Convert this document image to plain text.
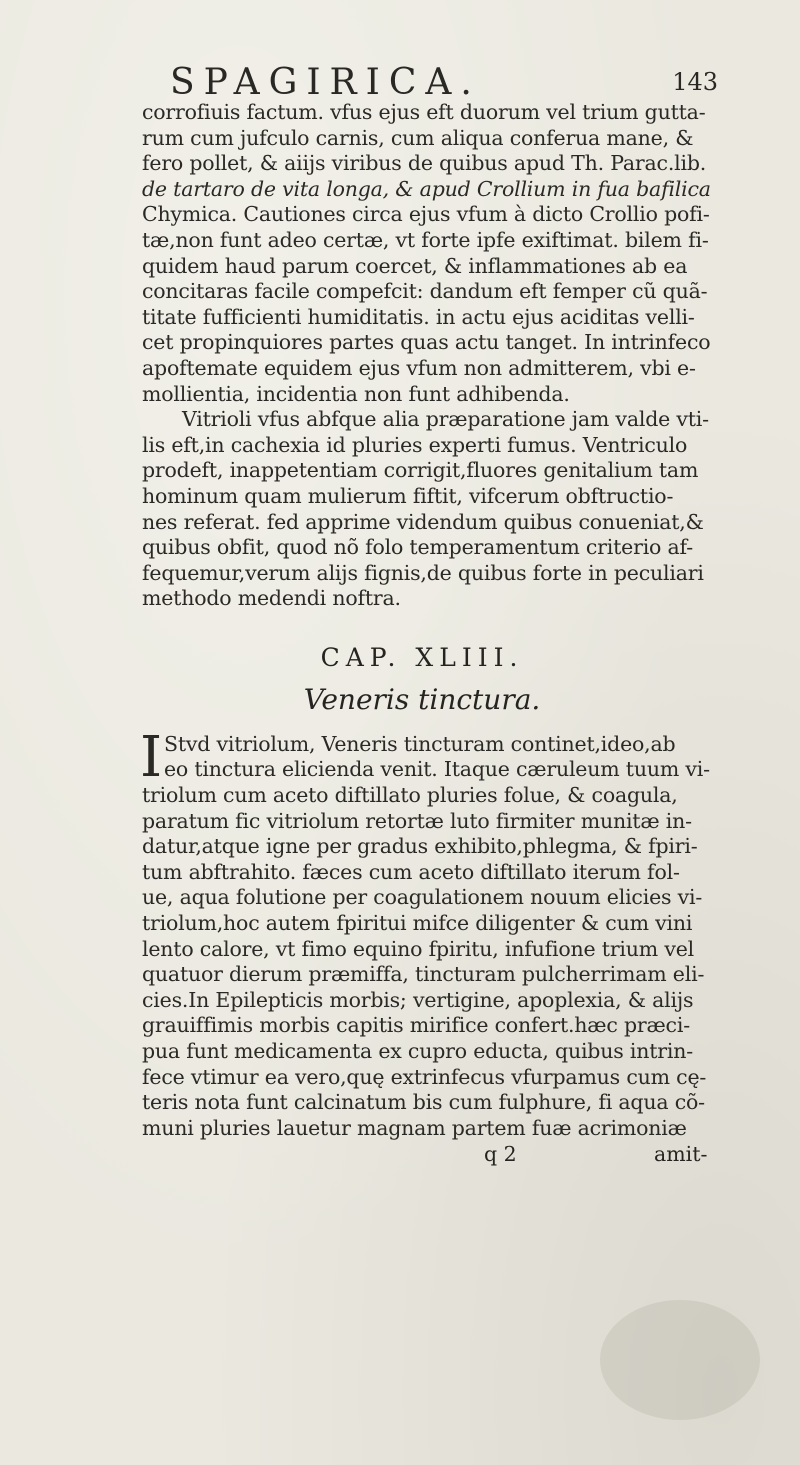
SPAGIRICA.	143
corrofiuis factum. vfus ejus eft duorum vel trium gutta-
rum cum jufculo carnis, cum aliqua conferua mane, &
fero pollet, & aiijs viribus de quibus apud Th. Parac.lib.
de tartaro de vita longa, & apud Crollium in fua bafilica
Chymica. Cautiones circa ejus vfum à dicto Crollio pofi-
tæ,non funt adeo certæ, vt forte ipfe exiftimat. bilem fi-
quidem haud parum coercet, & inflammationes ab ea
concitaras facile compefcit: dandum eft femper cũ quã-
titate fufficienti humiditatis. in actu ejus aciditas velli-
cet propinquiores partes quas actu tanget. In intrinfeco
apoftemate equidem ejus vfum non admitterem, vbi e-
mollientia, incidentia non funt adhibenda.
Vitrioli vfus abfque alia præparatione jam valde vti-
lis eft,in cachexia id pluries experti fumus. Ventriculo
prodeft, inappetentiam corrigit,fluores genitalium tam
hominum quam mulierum fiftit, vifcerum obftructio-
nes referat. fed apprime videndum quibus conueniat,&
quibus obfit, quod nõ folo temperamentum criterio af-
fequemur,verum alijs fignis,de quibus forte in peculiari
methodo medendi noftra.
CAP. XLIII.
Veneris tinctura.
I Stvd vitriolum, Veneris tincturam continet,ideo,ab
eo tinctura elicienda venit. Itaque cæruleum tuum vi-
triolum cum aceto diftillato pluries folue, & coagula,
paratum fic vitriolum retortæ luto firmiter munitæ in-
datur,atque igne per gradus exhibito,phlegma, & fpiri-
tum abftrahito. fæces cum aceto diftillato iterum fol-
ue, aqua folutione per coagulationem nouum elicies vi-
triolum,hoc autem fpiritui mifce diligenter & cum vini
lento calore, vt fimo equino fpiritu, infufione trium vel
quatuor dierum præmiffa, tincturam pulcherrimam eli-
cies.In Epilepticis morbis; vertigine, apoplexia, & alijs
grauiffimis morbis capitis mirifice confert.hæc præci-
pua funt medicamenta ex cupro educta, quibus intrin-
fece vtimur ea vero,quę extrinfecus vfurpamus cum cę-
teris nota funt calcinatum bis cum fulphure, fi aqua cõ-
muni pluries lauetur magnam partem fuæ acrimoniæ
q 2	amit-
